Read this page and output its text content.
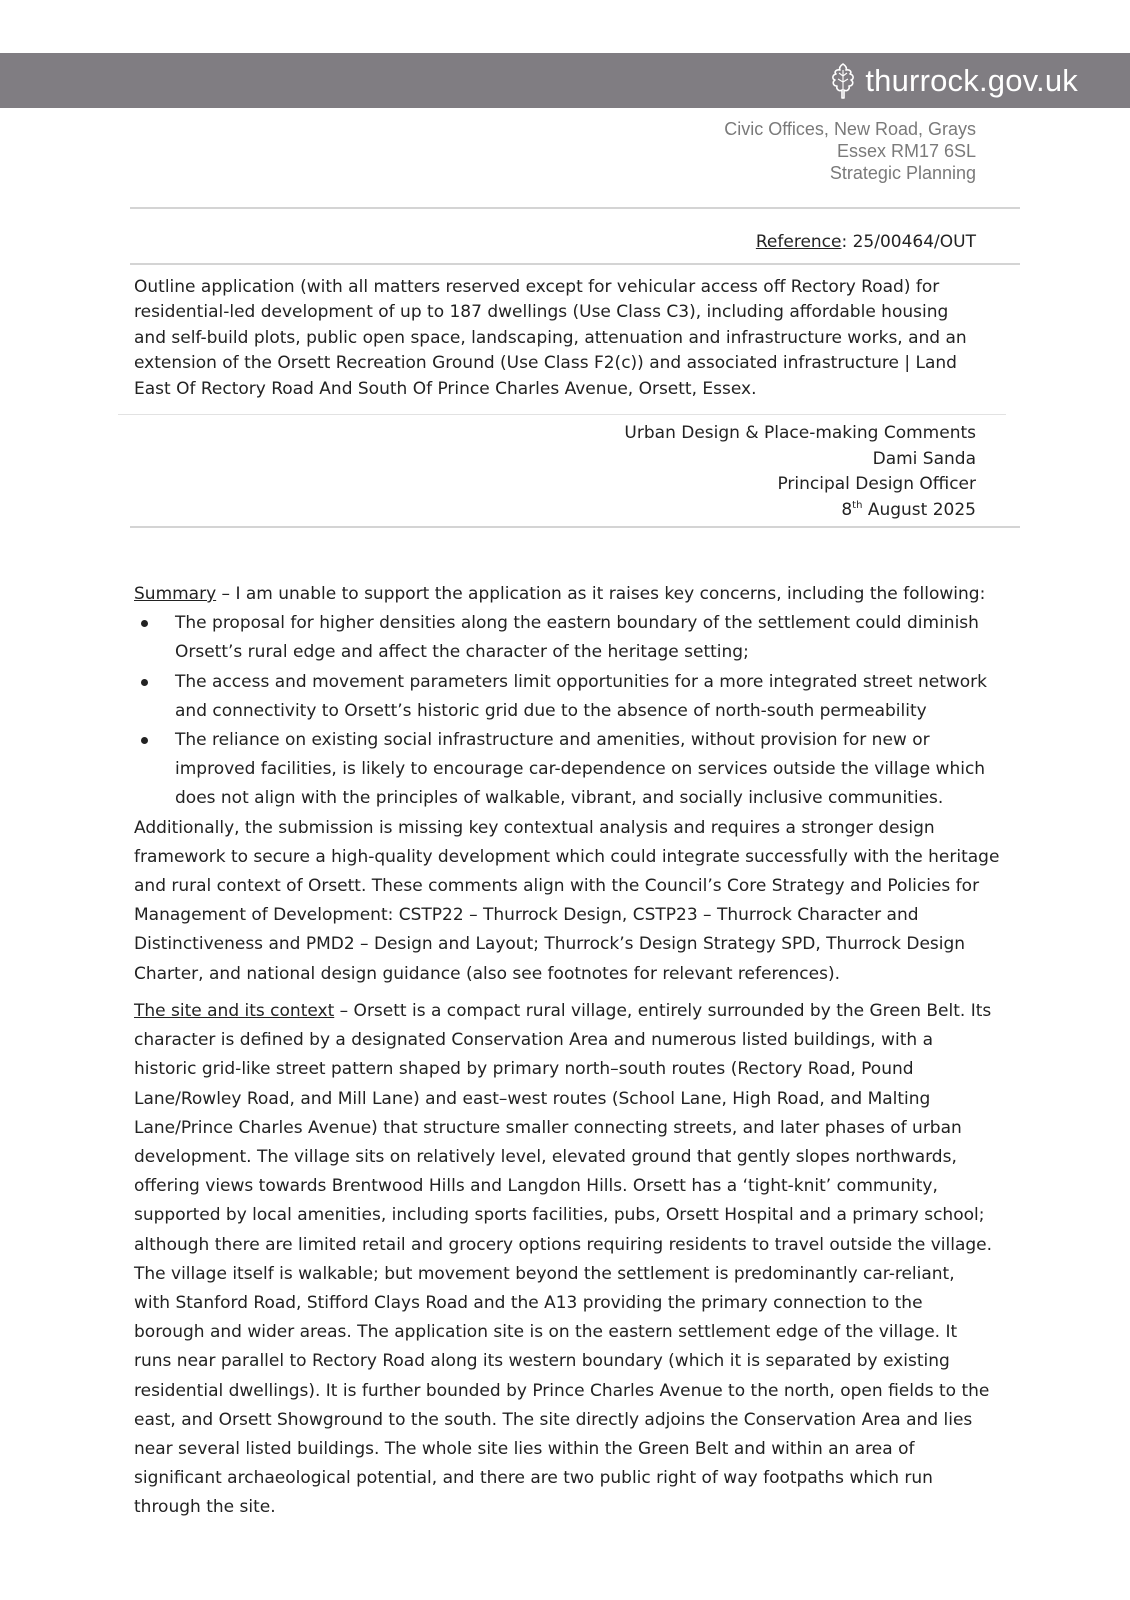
thurrock.gov.uk
Civic Offices, New Road, Grays
Essex RM17 6SL
Strategic Planning
Reference: 25/00464/OUT
Outline application (with all matters reserved except for vehicular access off Rectory Road) for residential-led development of up to 187 dwellings (Use Class C3), including affordable housing and self-build plots, public open space, landscaping, attenuation and infrastructure works, and an extension of the Orsett Recreation Ground (Use Class F2(c)) and associated infrastructure | Land East Of Rectory Road And South Of Prince Charles Avenue, Orsett, Essex.
Urban Design & Place-making Comments
Dami Sanda
Principal Design Officer
8th August 2025

Summary – I am unable to support the application as it raises key concerns, including the following:

The proposal for higher densities along the eastern boundary of the settlement could diminish Orsett’s rural edge and affect the character of the heritage setting;
The access and movement parameters limit opportunities for a more integrated street network and connectivity to Orsett’s historic grid due to the absence of north-south permeability
The reliance on existing social infrastructure and amenities, without provision for new or improved facilities, is likely to encourage car-dependence on services outside the village which does not align with the principles of walkable, vibrant, and socially inclusive communities.

Additionally, the submission is missing key contextual analysis and requires a stronger design framework to secure a high-quality development which could integrate successfully with the heritage and rural context of Orsett. These comments align with the Council’s Core Strategy and Policies for Management of Development: CSTP22 – Thurrock Design, CSTP23 – Thurrock Character and Distinctiveness and PMD2 – Design and Layout; Thurrock’s Design Strategy SPD, Thurrock Design Charter, and national design guidance (also see footnotes for relevant references).

The site and its context – Orsett is a compact rural village, entirely surrounded by the Green Belt. Its character is defined by a designated Conservation Area and numerous listed buildings, with a historic grid-like street pattern shaped by primary north–south routes (Rectory Road, Pound Lane/Rowley Road, and Mill Lane) and east–west routes (School Lane, High Road, and Malting Lane/Prince Charles Avenue) that structure smaller connecting streets, and later phases of urban development. The village sits on relatively level, elevated ground that gently slopes northwards, offering views towards Brentwood Hills and Langdon Hills. Orsett has a ‘tight-knit’ community, supported by local amenities, including sports facilities, pubs, Orsett Hospital and a primary school; although there are limited retail and grocery options requiring residents to travel outside the village. The village itself is walkable; but movement beyond the settlement is predominantly car-reliant, with Stanford Road, Stifford Clays Road and the A13 providing the primary connection to the borough and wider areas. The application site is on the eastern settlement edge of the village. It runs near parallel to Rectory Road along its western boundary (which it is separated by existing residential dwellings). It is further bounded by Prince Charles Avenue to the north, open fields to the east, and Orsett Showground to the south. The site directly adjoins the Conservation Area and lies near several listed buildings. The whole site lies within the Green Belt and within an area of significant archaeological potential, and there are two public right of way footpaths which run through the site.
